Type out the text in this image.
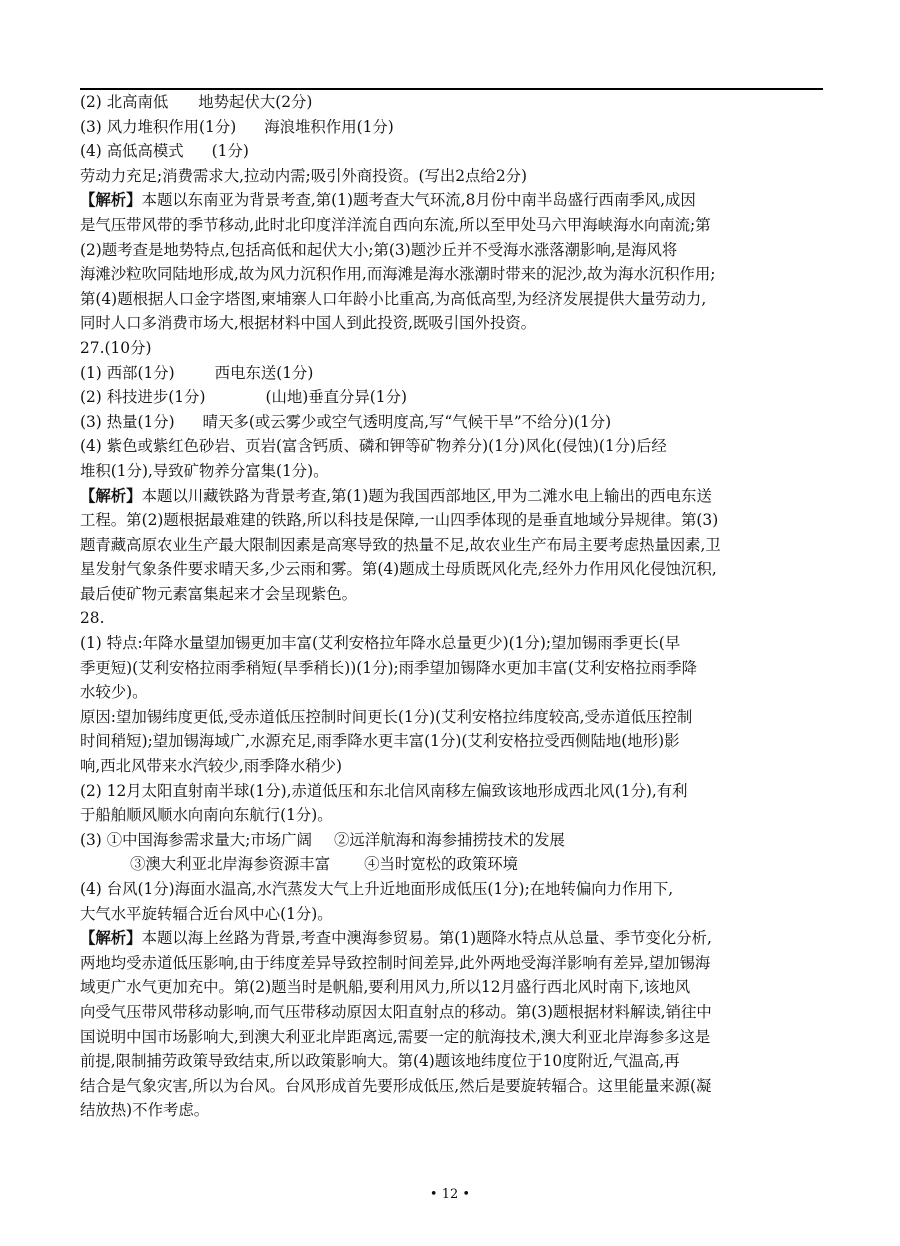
(2) 北高南低 地势起伏大(2分)
(3) 风力堆积作用(1分) 海浪堆积作用(1分)
(4) 高低高模式 (1分)
劳动力充足;消费需求大,拉动内需;吸引外商投资。(写出2点给2分)
【解析】本题以东南亚为背景考查,第(1)题考查大气环流,8月份中南半岛盛行西南季风,成因
是气压带风带的季节移动,此时北印度洋洋流自西向东流,所以至甲处马六甲海峡海水向南流;第
(2)题考查是地势特点,包括高低和起伏大小;第(3)题沙丘并不受海水涨落潮影响,是海风将
海滩沙粒吹同陆地形成,故为风力沉积作用,而海滩是海水涨潮时带来的泥沙,故为海水沉积作用;
第(4)题根据人口金字塔图,柬埔寨人口年龄小比重高,为高低高型,为经济发展提供大量劳动力,
同时人口多消费市场大,根据材料中国人到此投资,既吸引国外投资。
27.(10分)
(1) 西部(1分)	西电东送(1分)
(2) 科技进步(1分)	(山地)垂直分异(1分)
(3) 热量(1分) 晴天多(或云雾少或空气透明度高,写“气候干旱”不给分)(1分)
(4) 紫色或紫红色砂岩、页岩(富含钙质、磷和钾等矿物养分)(1分)风化(侵蚀)(1分)后经
堆积(1分),导致矿物养分富集(1分)。
【解析】本题以川藏铁路为背景考查,第(1)题为我国西部地区,甲为二滩水电上输出的西电东送
工程。第(2)题根据最难建的铁路,所以科技是保障,一山四季体现的是垂直地域分异规律。第(3)
题青藏高原农业生产最大限制因素是高寒导致的热量不足,故农业生产布局主要考虑热量因素,卫
星发射气象条件要求晴天多,少云雨和雾。第(4)题成土母质既风化壳,经外力作用风化侵蚀沉积,
最后使矿物元素富集起来才会呈现紫色。
28.
(1) 特点:年降水量望加锡更加丰富(艾利安格拉年降水总量更少)(1分);望加锡雨季更长(早
季更短)(艾利安格拉雨季稍短(旱季稍长))(1分);雨季望加锡降水更加丰富(艾利安格拉雨季降
水较少)。
原因:望加锡纬度更低,受赤道低压控制时间更长(1分)(艾利安格拉纬度较高,受赤道低压控制
时间稍短);望加锡海域广,水源充足,雨季降水更丰富(1分)(艾利安格拉受西侧陆地(地形)影
响,西北风带来水汽较少,雨季降水稍少)
(2) 12月太阳直射南半球(1分),赤道低压和东北信风南移左偏致该地形成西北风(1分),有利
于船舶顺风顺水向南向东航行(1分)。
(3) ①中国海参需求量大;市场广阔 ②远洋航海和海参捕捞技术的发展
③澳大利亚北岸海参资源丰富 ④当时宽松的政策环境
(4) 台风(1分)海面水温高,水汽蒸发大气上升近地面形成低压(1分);在地转偏向力作用下,
大气水平旋转辐合近台风中心(1分)。
【解析】本题以海上丝路为背景,考查中澳海参贸易。第(1)题降水特点从总量、季节变化分析,
两地均受赤道低压影响,由于纬度差异导致控制时间差异,此外两地受海洋影响有差异,望加锡海
域更广水气更加充中。第(2)题当时是帆船,要利用风力,所以12月盛行西北风时南下,该地风
向受气压带风带移动影响,而气压带移动原因太阳直射点的移动。第(3)题根据材料解读,销往中
国说明中国市场影响大,到澳大利亚北岸距离远,需要一定的航海技术,澳大利亚北岸海参多这是
前提,限制捕劳政策导致结束,所以政策影响大。第(4)题该地纬度位于10度附近,气温高,再
结合是气象灾害,所以为台风。台风形成首先要形成低压,然后是要旋转辐合。这里能量来源(凝
结放热)不作考虑。
• 12 •
